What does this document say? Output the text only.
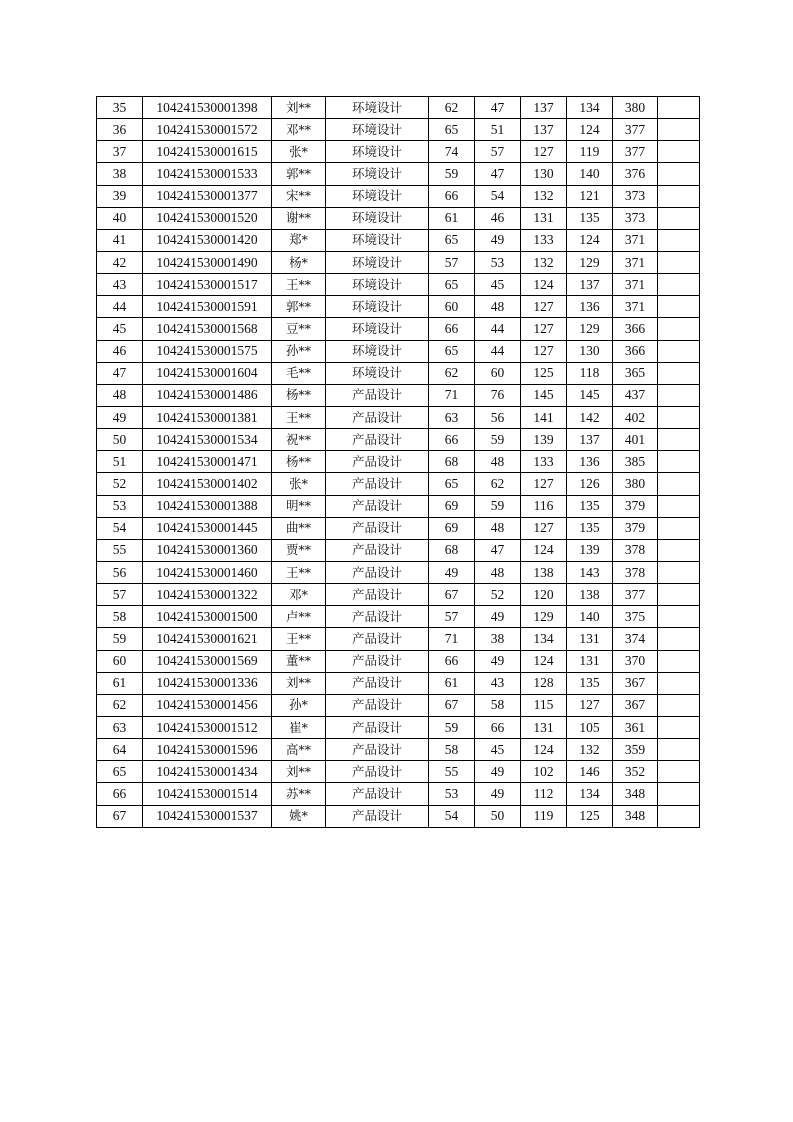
35	104241530001398	刘**	环境设计	62	47	137	134	380	
36	104241530001572	邓**	环境设计	65	51	137	124	377	
37	104241530001615	张*	环境设计	74	57	127	119	377	
38	104241530001533	郭**	环境设计	59	47	130	140	376	
39	104241530001377	宋**	环境设计	66	54	132	121	373	
40	104241530001520	谢**	环境设计	61	46	131	135	373	
41	104241530001420	郑*	环境设计	65	49	133	124	371	
42	104241530001490	杨*	环境设计	57	53	132	129	371	
43	104241530001517	王**	环境设计	65	45	124	137	371	
44	104241530001591	郭**	环境设计	60	48	127	136	371	
45	104241530001568	豆**	环境设计	66	44	127	129	366	
46	104241530001575	孙**	环境设计	65	44	127	130	366	
47	104241530001604	毛**	环境设计	62	60	125	118	365	
48	104241530001486	杨**	产品设计	71	76	145	145	437	
49	104241530001381	王**	产品设计	63	56	141	142	402	
50	104241530001534	祝**	产品设计	66	59	139	137	401	
51	104241530001471	杨**	产品设计	68	48	133	136	385	
52	104241530001402	张*	产品设计	65	62	127	126	380	
53	104241530001388	明**	产品设计	69	59	116	135	379	
54	104241530001445	曲**	产品设计	69	48	127	135	379	
55	104241530001360	贾**	产品设计	68	47	124	139	378	
56	104241530001460	王**	产品设计	49	48	138	143	378	
57	104241530001322	邓*	产品设计	67	52	120	138	377	
58	104241530001500	卢**	产品设计	57	49	129	140	375	
59	104241530001621	王**	产品设计	71	38	134	131	374	
60	104241530001569	董**	产品设计	66	49	124	131	370	
61	104241530001336	刘**	产品设计	61	43	128	135	367	
62	104241530001456	孙*	产品设计	67	58	115	127	367	
63	104241530001512	崔*	产品设计	59	66	131	105	361	
64	104241530001596	高**	产品设计	58	45	124	132	359	
65	104241530001434	刘**	产品设计	55	49	102	146	352	
66	104241530001514	苏**	产品设计	53	49	112	134	348	
67	104241530001537	姚*	产品设计	54	50	119	125	348	
